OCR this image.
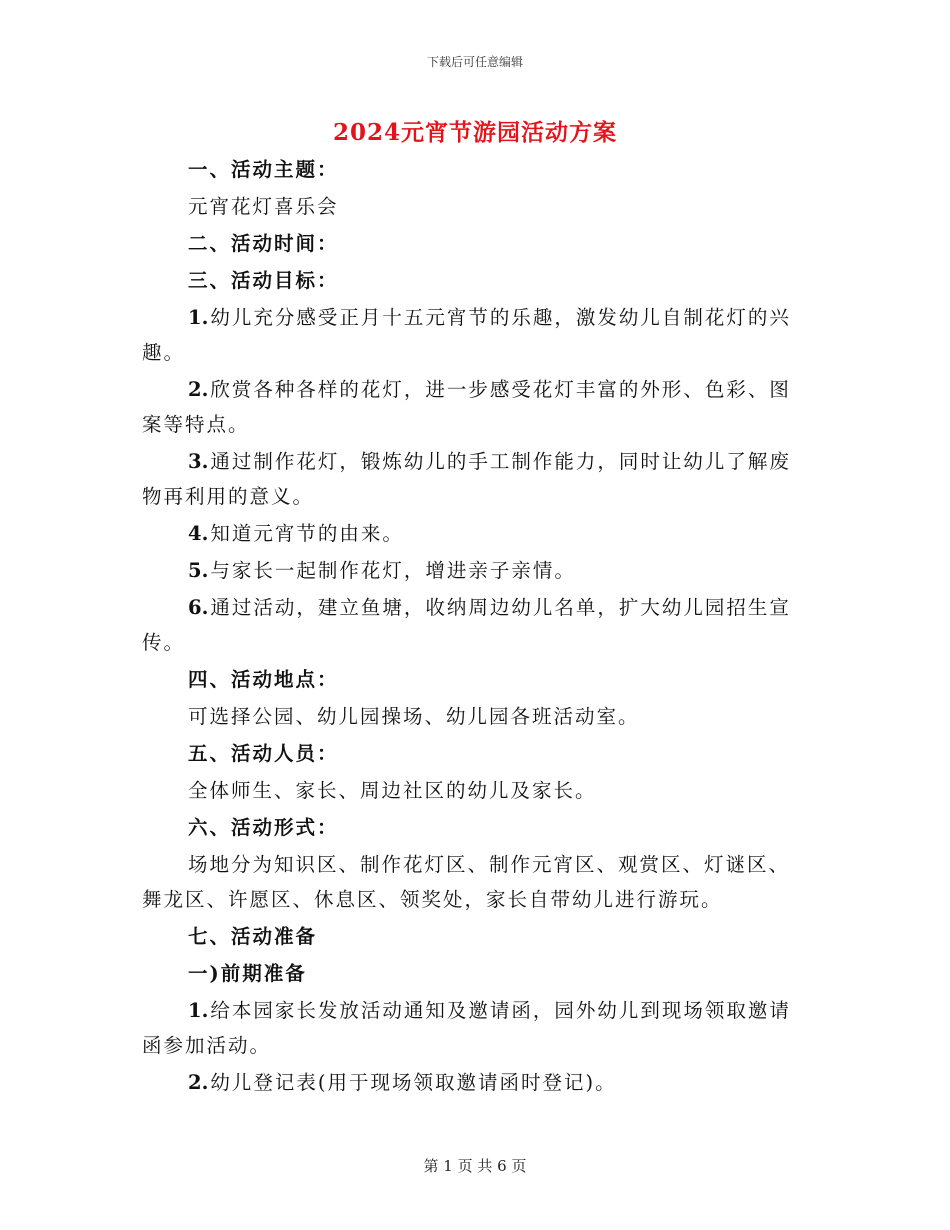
下载后可任意编辑
2024元宵节游园活动方案

一、活动主题：

元宵花灯喜乐会

二、活动时间：

三、活动目标：

1. 幼儿充分感受正月十五元宵节的乐趣，激发幼儿自制花灯的兴趣。

2. 欣赏各种各样的花灯，进一步感受花灯丰富的外形、色彩、图案等特点。

3. 通过制作花灯，锻炼幼儿的手工制作能力，同时让幼儿了解废物再利用的意义。

4. 知道元宵节的由来。

5. 与家长一起制作花灯，增进亲子亲情。

6. 通过活动，建立鱼塘，收纳周边幼儿名单，扩大幼儿园招生宣传。

四、活动地点：

可选择公园、幼儿园操场、幼儿园各班活动室。

五、活动人员：

全体师生、家长、周边社区的幼儿及家长。

六、活动形式：

场地分为知识区、制作花灯区、制作元宵区、观赏区、灯谜区、舞龙区、许愿区、休息区、领奖处，家长自带幼儿进行游玩。

七、活动准备

一)前期准备

1. 给本园家长发放活动通知及邀请函，园外幼儿到现场领取邀请函参加活动。

2. 幼儿登记表(用于现场领取邀请函时登记)。

第 1 页 共 6 页
